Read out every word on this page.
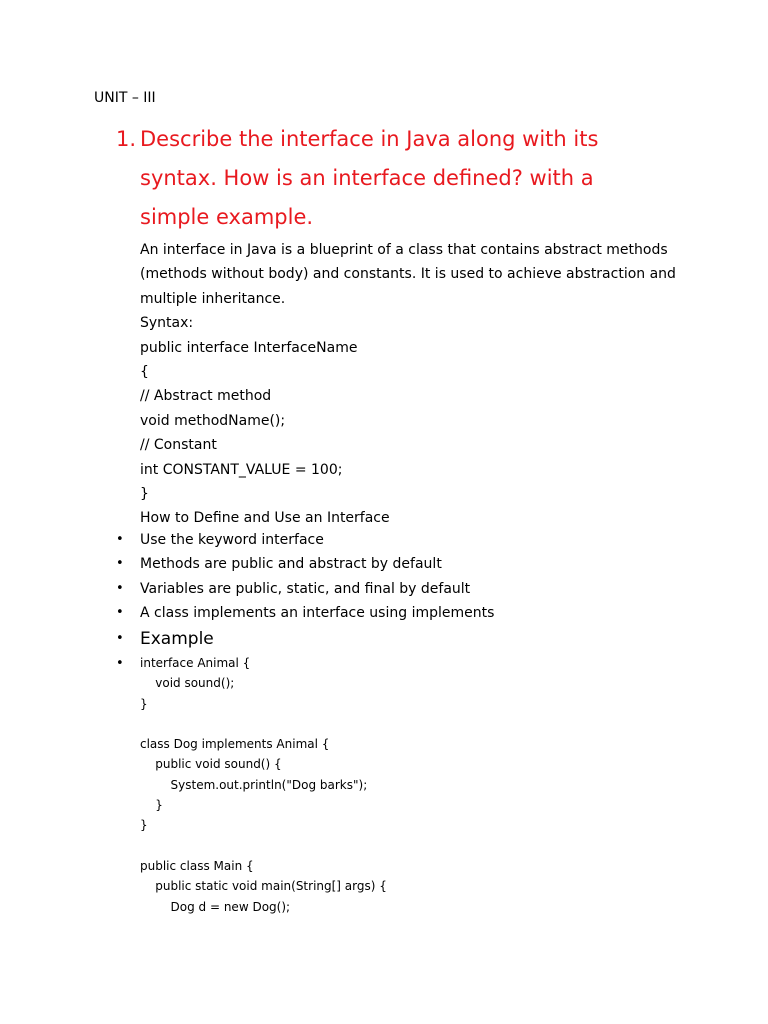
UNIT – III
1. Describe the interface in Java along with its
syntax. How is an interface defined? with a
simple example.
An interface in Java is a blueprint of a class that contains abstract methods
(methods without body) and constants. It is used to achieve abstraction and
multiple inheritance.
Syntax:
public interface InterfaceName
{
// Abstract method
void methodName();
// Constant
int CONSTANT_VALUE = 100;
}
How to Define and Use an Interface
• Use the keyword interface
• Methods are public and abstract by default
• Variables are public, static, and final by default
• A class implements an interface using implements
• Example
• interface Animal {
void sound();
}
class Dog implements Animal {
public void sound() {
System.out.println("Dog barks");
}
}
public class Main {
public static void main(String[] args) {
Dog d = new Dog();
